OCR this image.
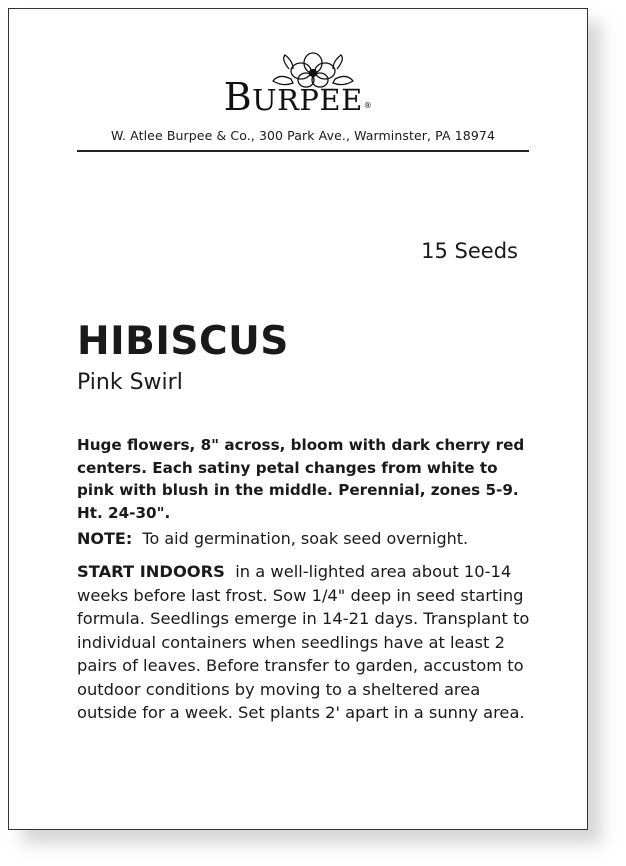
BURPEE®
W. Atlee Burpee & Co., 300 Park Ave., Warminster, PA 18974
15 Seeds
HIBISCUS
Pink Swirl
Huge flowers, 8" across, bloom with dark cherry red centers. Each satiny petal changes from white to pink with blush in the middle. Perennial, zones 5-9. Ht. 24-30".
NOTE: To aid germination, soak seed overnight.
START INDOORS in a well-lighted area about 10-14 weeks before last frost. Sow 1/4" deep in seed starting formula. Seedlings emerge in 14-21 days. Transplant to individual containers when seedlings have at least 2 pairs of leaves. Before transfer to garden, accustom to outdoor conditions by moving to a sheltered area outside for a week. Set plants 2' apart in a sunny area.
